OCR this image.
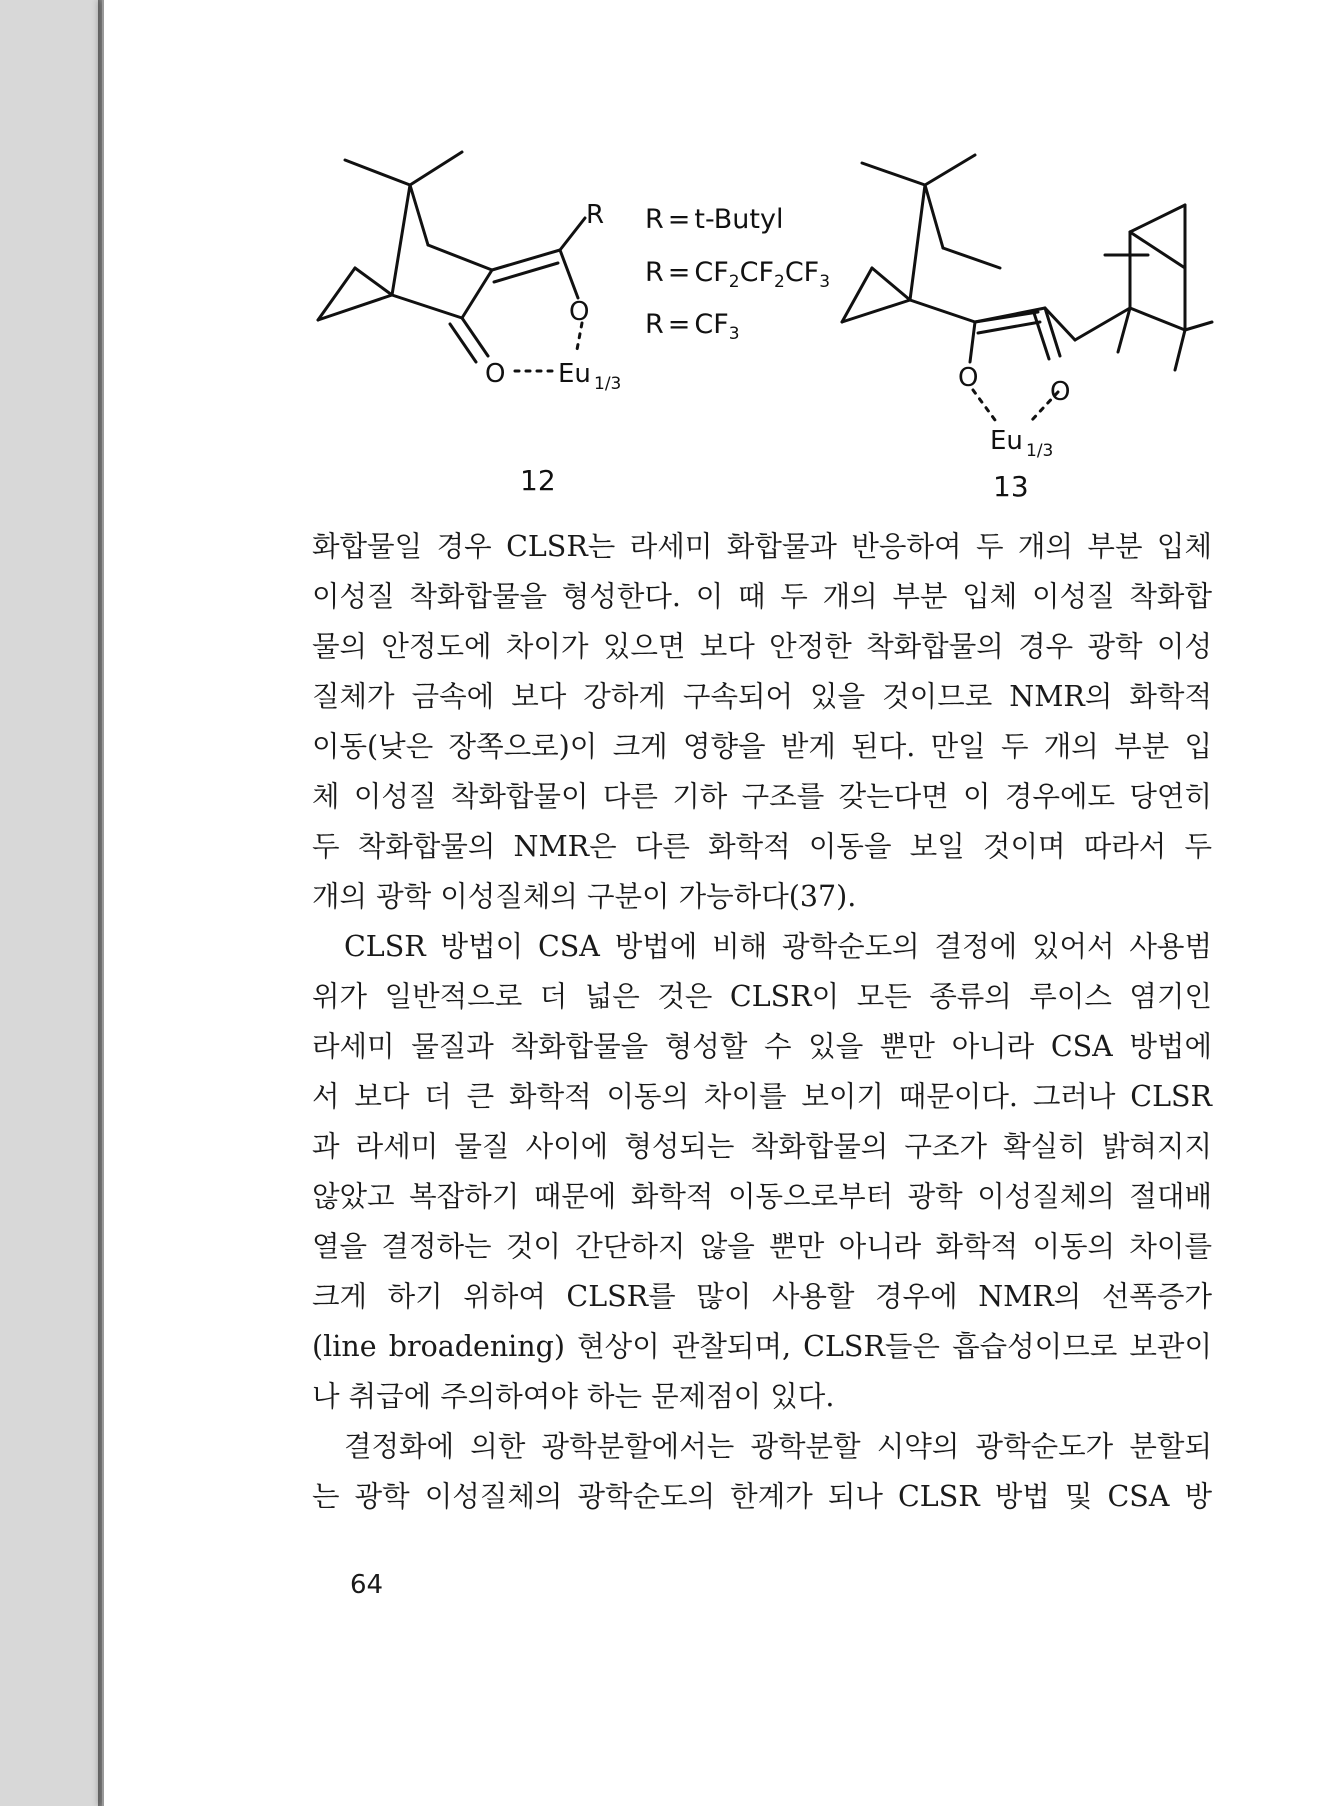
R
O
O Eu 1/3
12
R = t-Butyl
$R = CF_2CF_2CF_3$
$R = CF_3$
O	O
Eu 1/3
13
화합물일 경우 CLSR는 라세미 화합물과 반응하여 두 개의 부분 입체
이성질 착화합물을 형성한다. 이 때 두 개의 부분 입체 이성질 착화합
물의 안정도에 차이가 있으면 보다 안정한 착화합물의 경우 광학 이성
질체가 금속에 보다 강하게 구속되어 있을 것이므로 NMR의 화학적
이동(낮은 장쪽으로)이 크게 영향을 받게 된다. 만일 두 개의 부분 입
체 이성질 착화합물이 다른 기하 구조를 갖는다면 이 경우에도 당연히
두 착화합물의 NMR은 다른 화학적 이동을 보일 것이며 따라서 두
개의 광학 이성질체의 구분이 가능하다(37).
CLSR 방법이 CSA 방법에 비해 광학순도의 결정에 있어서 사용범
위가 일반적으로 더 넓은 것은 CLSR이 모든 종류의 루이스 염기인
라세미 물질과 착화합물을 형성할 수 있을 뿐만 아니라 CSA 방법에
서 보다 더 큰 화학적 이동의 차이를 보이기 때문이다. 그러나 CLSR
과 라세미 물질 사이에 형성되는 착화합물의 구조가 확실히 밝혀지지
않았고 복잡하기 때문에 화학적 이동으로부터 광학 이성질체의 절대배
열을 결정하는 것이 간단하지 않을 뿐만 아니라 화학적 이동의 차이를
크게 하기 위하여 CLSR를 많이 사용할 경우에 NMR의 선폭증가
(line broadening) 현상이 관찰되며, CLSR들은 흡습성이므로 보관이
나 취급에 주의하여야 하는 문제점이 있다.
결정화에 의한 광학분할에서는 광학분할 시약의 광학순도가 분할되
는 광학 이성질체의 광학순도의 한계가 되나 CLSR 방법 및 CSA 방
64
